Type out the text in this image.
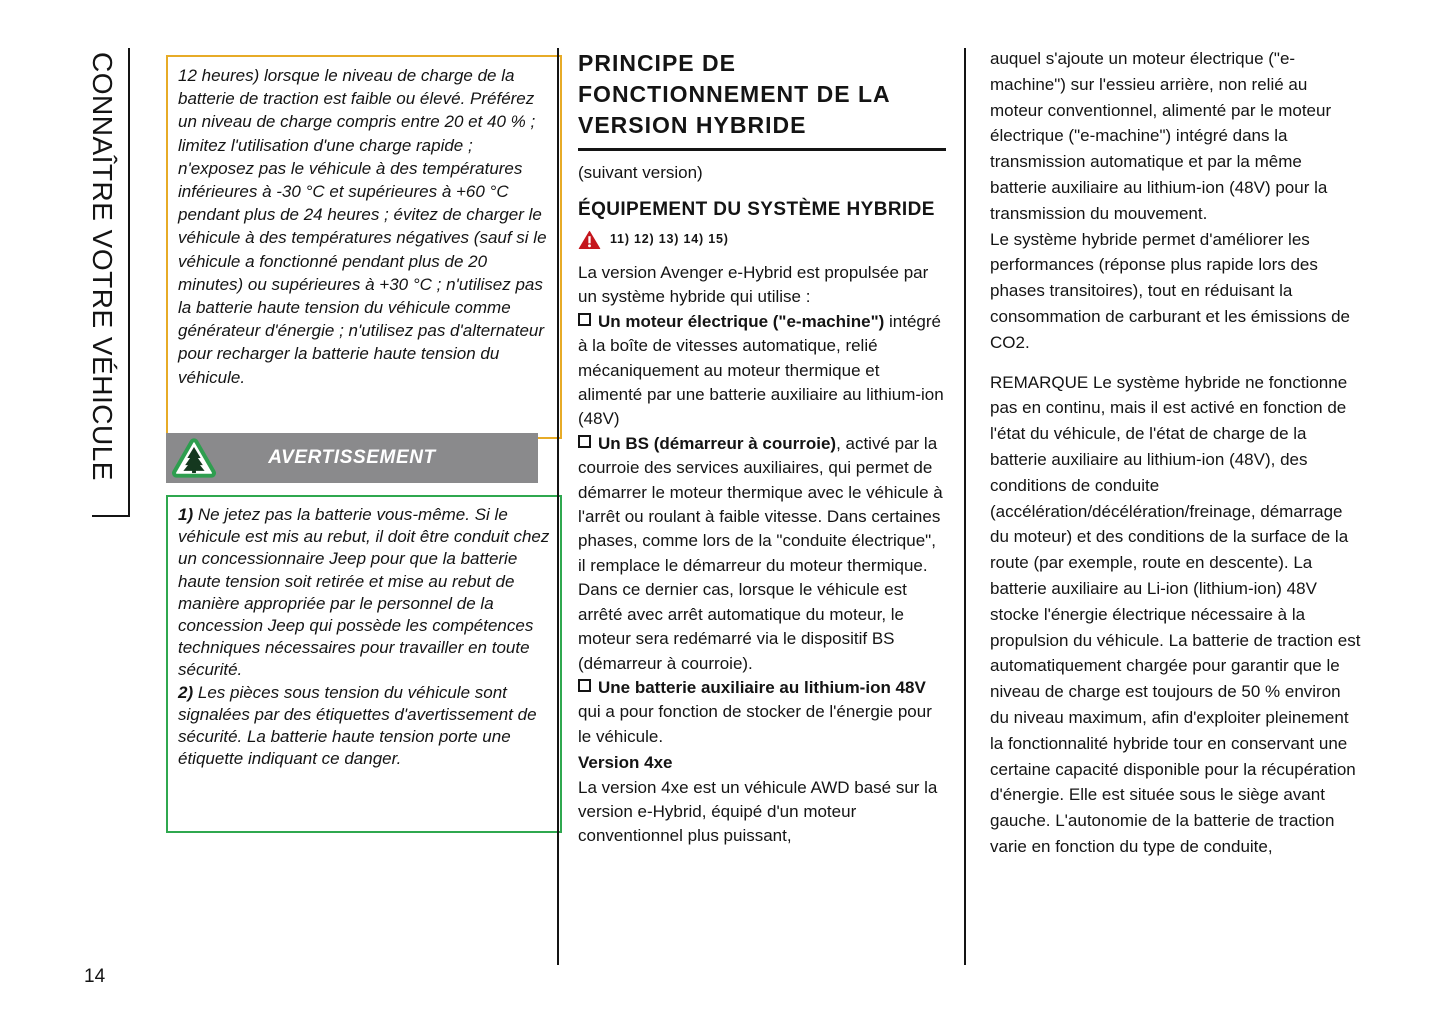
CONNAÎTRE VOTRE VÉHICULE
14
12 heures) lorsque le niveau de charge de la batterie de traction est faible ou élevé. Préférez un niveau de charge compris entre 20 et 40 % ; limitez l'utilisation d'une charge rapide ; n'exposez pas le véhicule à des températures inférieures à -30 °C et supérieures à +60 °C pendant plus de 24 heures ; évitez de charger le véhicule à des températures négatives (sauf si le véhicule a fonctionné pendant plus de 20 minutes) ou supérieures à +30 °C ; n'utilisez pas la batterie haute tension du véhicule comme générateur d'énergie ; n'utilisez pas d'alternateur pour recharger la batterie haute tension du véhicule.
AVERTISSEMENT

1) Ne jetez pas la batterie vous-même. Si le véhicule est mis au rebut, il doit être conduit chez un concessionnaire Jeep pour que la batterie haute tension soit retirée et mise au rebut de manière appropriée par le personnel de la concession Jeep qui possède les compétences techniques nécessaires pour travailler en toute sécurité.

2) Les pièces sous tension du véhicule sont signalées par des étiquettes d'avertissement de sécurité. La batterie haute tension porte une étiquette indiquant ce danger.

PRINCIPE DE FONCTIONNEMENT DE LA VERSION HYBRIDE

(suivant version)

ÉQUIPEMENT DU SYSTÈME HYBRIDE
11) 12) 13) 14) 15)

La version Avenger e-Hybrid est propulsée par un système hybride qui utilise :

Un moteur électrique ("e-machine") intégré à la boîte de vitesses automatique, relié mécaniquement au moteur thermique et alimenté par une batterie auxiliaire au lithium-ion (48V)

Un BS (démarreur à courroie), activé par la courroie des services auxiliaires, qui permet de démarrer le moteur thermique avec le véhicule à l'arrêt ou roulant à faible vitesse. Dans certaines phases, comme lors de la "conduite électrique", il remplace le démarreur du moteur thermique. Dans ce dernier cas, lorsque le véhicule est arrêté avec arrêt automatique du moteur, le moteur sera redémarré via le dispositif BS (démarreur à courroie).

Une batterie auxiliaire au lithium-ion 48V qui a pour fonction de stocker de l'énergie pour le véhicule.

Version 4xe

La version 4xe est un véhicule AWD basé sur la version e-Hybrid, équipé d'un moteur conventionnel plus puissant,

auquel s'ajoute un moteur électrique ("e-machine") sur l'essieu arrière, non relié au moteur conventionnel, alimenté par le moteur électrique ("e-machine") intégré dans la transmission automatique et par la même batterie auxiliaire au lithium-ion (48V) pour la transmission du mouvement.

Le système hybride permet d'améliorer les performances (réponse plus rapide lors des phases transitoires), tout en réduisant la consommation de carburant et les émissions de CO2.

REMARQUE Le système hybride ne fonctionne pas en continu, mais il est activé en fonction de l'état du véhicule, de l'état de charge de la batterie auxiliaire au lithium-ion (48V), des conditions de conduite (accélération/décélération/freinage, démarrage du moteur) et des conditions de la surface de la route (par exemple, route en descente). La batterie auxiliaire au Li-ion (lithium-ion) 48V stocke l'énergie électrique nécessaire à la propulsion du véhicule. La batterie de traction est automatiquement chargée pour garantir que le niveau de charge est toujours de 50 % environ du niveau maximum, afin d'exploiter pleinement la fonctionnalité hybride tour en conservant une certaine capacité disponible pour la récupération d'énergie. Elle est située sous le siège avant gauche. L'autonomie de la batterie de traction varie en fonction du type de conduite,
